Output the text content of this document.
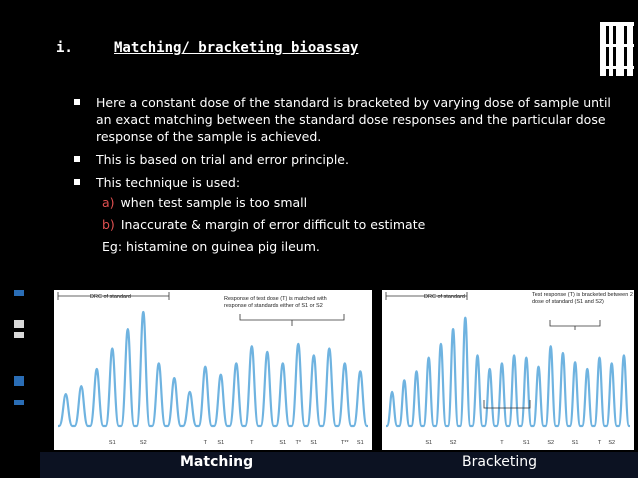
i.	Matching/ bracketing bioassay
Here a constant dose of the standard is bracketed by varying dose of sample until an exact matching between the standard dose responses and the particular dose response of the sample is achieved.
This is based on trial and error principle.
This technique is used:
a) when test sample is too small
b) Inaccurate & margin of error difficult to estimate
Eg: histamine on guinea pig ileum.
S1	S2	T S1	T	S1 T* S1	T** S1
DRC of standard	Response of test dose (T) is matched with
response of standards either of S1 or S2
S1	S2	T	S1	S2	S1	T S2
DRC of standard	Test response (T) is bracketed between 2
dose of standard (S1 and S2)
Matching	Bracketing
